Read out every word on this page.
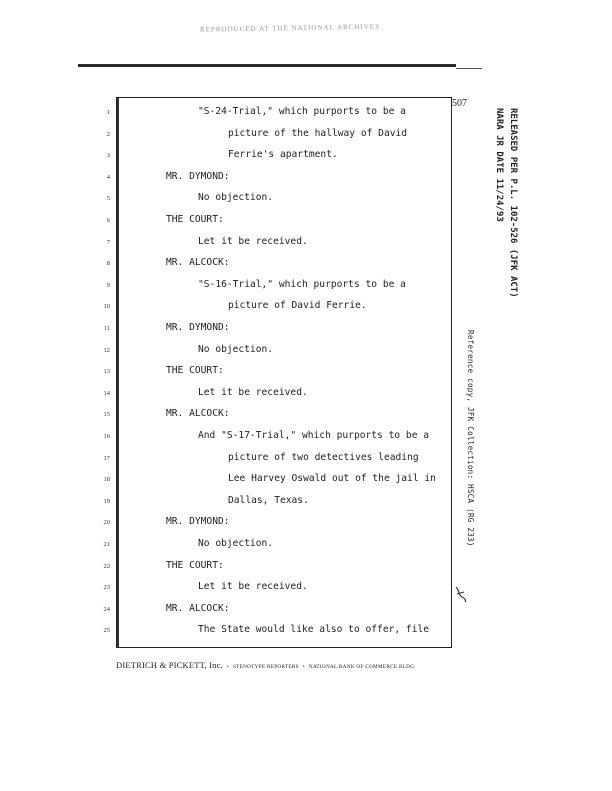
REPRODUCED AT THE NATIONAL ARCHIVES
507
1	"S-24-Trial," which purports to be a
2	picture of the hallway of David
3	Ferrie's apartment.
4	MR. DYMOND:
5	No objection.
6	THE COURT:
7	Let it be received.
8	MR. ALCOCK:
9	"S-16-Trial," which purports to be a
10	picture of David Ferrie.
11	MR. DYMOND:
12	No objection.
13	THE COURT:
14	Let it be received.
15	MR. ALCOCK:
16	And "S-17-Trial," which purports to be a
17	picture of two detectives leading
18	Lee Harvey Oswald out of the jail in
19	Dallas, Texas.
20	MR. DYMOND:
21	No objection.
22	THE COURT:
23	Let it be received.
24	MR. ALCOCK:
25	The State would like also to offer, file
DIETRICH & PICKETT, Inc. • STENOTYPE REPORTERS • NATIONAL BANK OF COMMERCE BLDG.
RELEASED PER P.L. 102-526 (JFK ACT)
NARA JR DATE 11/24/93
Reference copy, JFK Collection: HSCA (RG 233)
